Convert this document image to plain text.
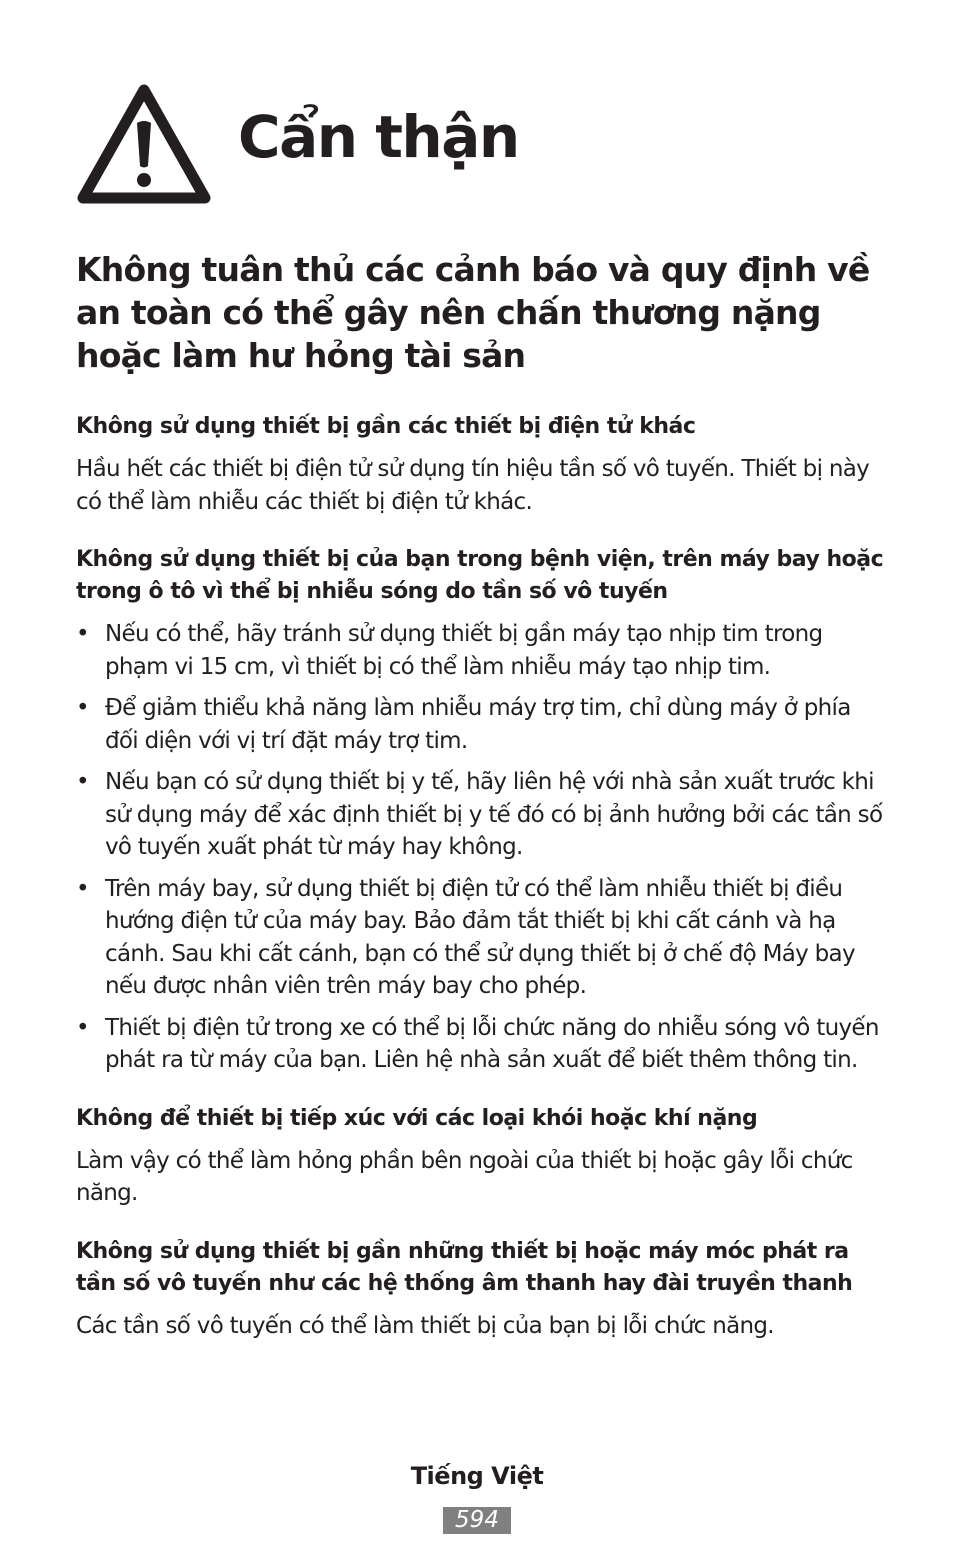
Cẩn thận
Không tuân thủ các cảnh báo và quy định về an toàn có thể gây nên chấn thương nặng hoặc làm hư hỏng tài sản
Không sử dụng thiết bị gần các thiết bị điện tử khác

Hầu hết các thiết bị điện tử sử dụng tín hiệu tần số vô tuyến. Thiết bị này có thể làm nhiễu các thiết bị điện tử khác.

Không sử dụng thiết bị của bạn trong bệnh viện, trên máy bay hoặc trong ô tô vì thể bị nhiễu sóng do tần số vô tuyến
• Nếu có thể, hãy tránh sử dụng thiết bị gần máy tạo nhịp tim trong phạm vi 15 cm, vì thiết bị có thể làm nhiễu máy tạo nhịp tim.
• Để giảm thiểu khả năng làm nhiễu máy trợ tim, chỉ dùng máy ở phía đối diện với vị trí đặt máy trợ tim.
• Nếu bạn có sử dụng thiết bị y tế, hãy liên hệ với nhà sản xuất trước khi sử dụng máy để xác định thiết bị y tế đó có bị ảnh hưởng bởi các tần số vô tuyến xuất phát từ máy hay không.
• Trên máy bay, sử dụng thiết bị điện tử có thể làm nhiễu thiết bị điều hướng điện tử của máy bay. Bảo đảm tắt thiết bị khi cất cánh và hạ cánh. Sau khi cất cánh, bạn có thể sử dụng thiết bị ở chế độ Máy bay nếu được nhân viên trên máy bay cho phép.
• Thiết bị điện tử trong xe có thể bị lỗi chức năng do nhiễu sóng vô tuyến phát ra từ máy của bạn. Liên hệ nhà sản xuất để biết thêm thông tin.
Không để thiết bị tiếp xúc với các loại khói hoặc khí nặng

Làm vậy có thể làm hỏng phần bên ngoài của thiết bị hoặc gây lỗi chức năng.

Không sử dụng thiết bị gần những thiết bị hoặc máy móc phát ra tần số vô tuyến như các hệ thống âm thanh hay đài truyền thanh

Các tần số vô tuyến có thể làm thiết bị của bạn bị lỗi chức năng.

Tiếng Việt
594
